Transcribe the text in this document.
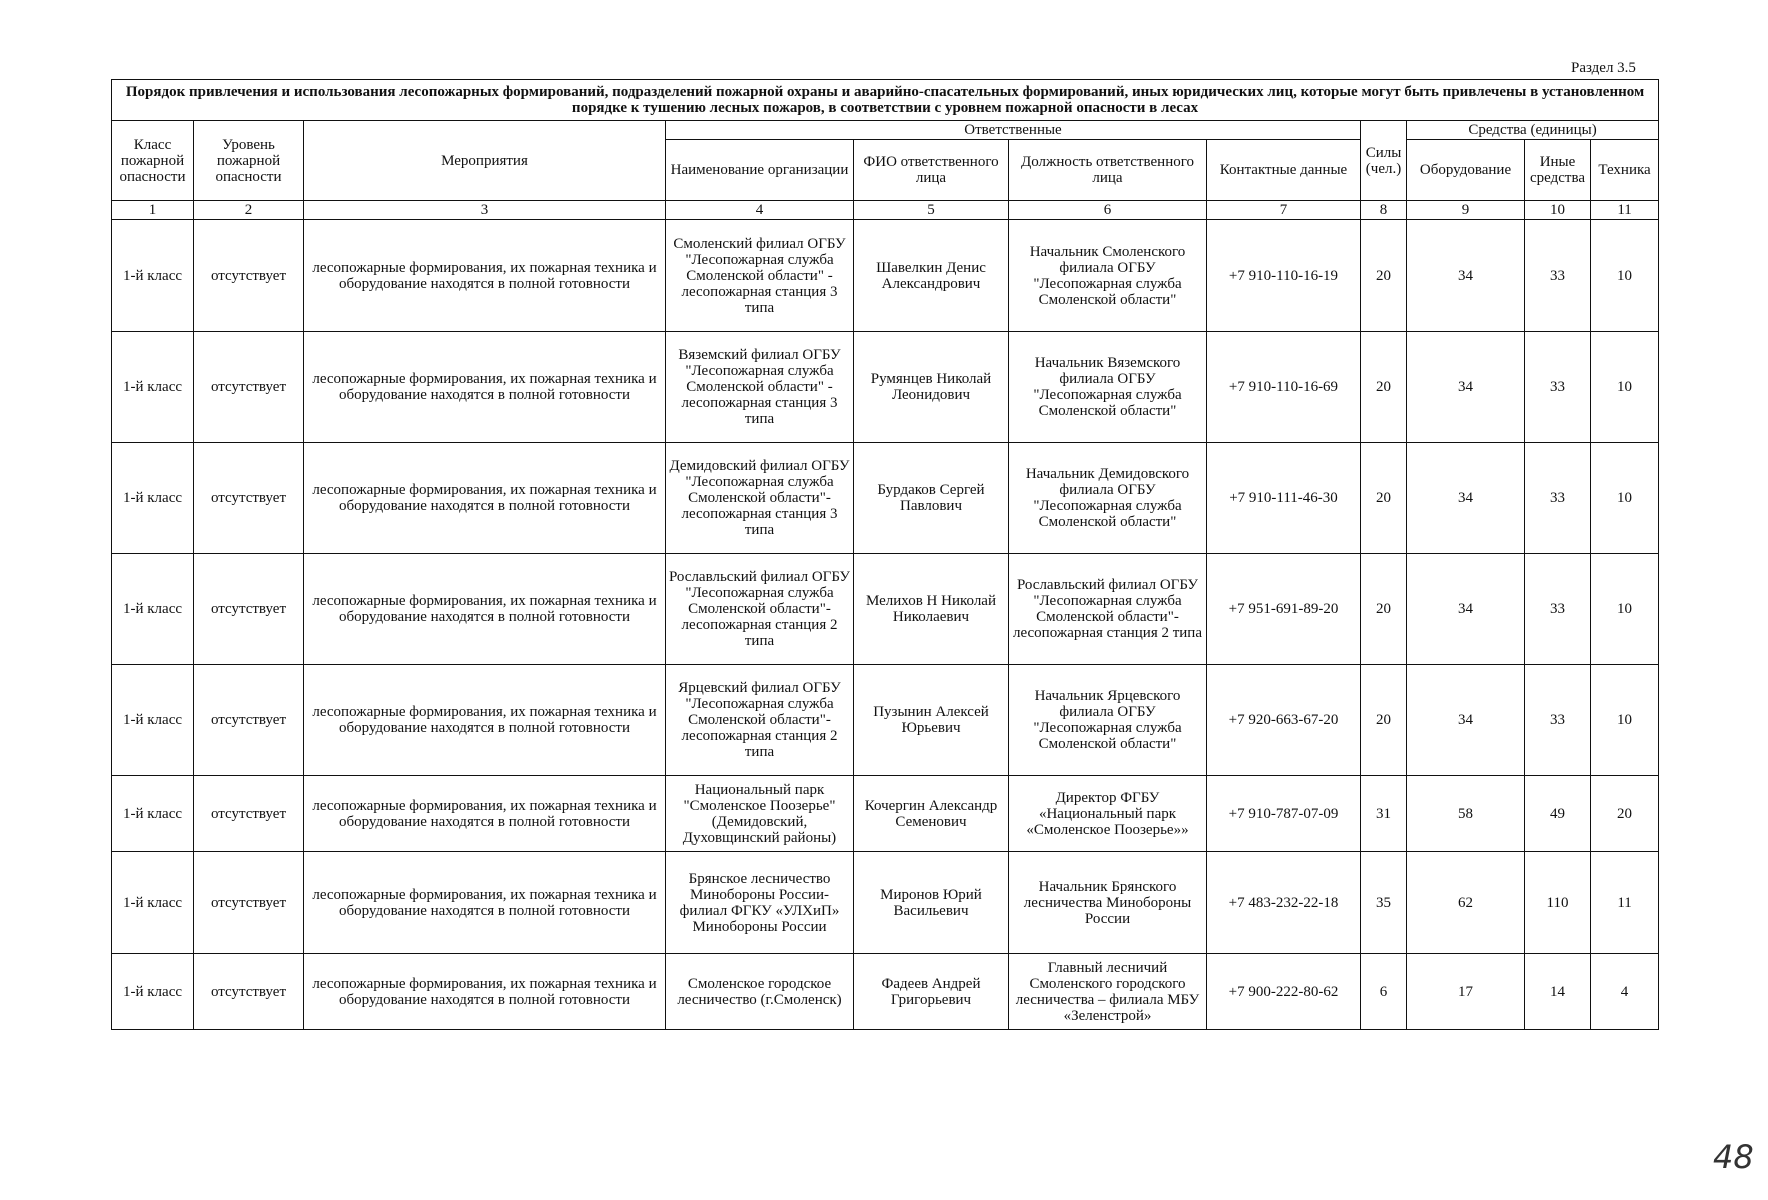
Раздел 3.5
Порядок привлечения и использования лесопожарных формирований, подразделений пожарной охраны и аварийно-спасательных формирований, иных юридических лиц, которые могут быть привлечены в установленном порядке к тушению лесных пожаров, в соответствии с уровнем пожарной опасности в лесах										
Класс пожарной опасности	Уровень пожарной опасности	Мероприятия	Ответственные				Силы (чел.)	Средства (единицы)		
			Наименование организации	ФИО ответственного лица	Должность ответственного лица	Контактные данные		Оборудование	Иные средства	Техника
1	2	3	4	5	6	7	8	9	10	11
1-й класс	отсутствует	лесопожарные формирования, их пожарная техника и оборудование находятся в полной готовности	Смоленский филиал ОГБУ "Лесопожарная служба Смоленской области" - лесопожарная станция 3 типа	Шавелкин Денис Александрович	Начальник Смоленского филиала ОГБУ "Лесопожарная служба Смоленской области"	+7 910-110-16-19	20	34	33	10
1-й класс	отсутствует	лесопожарные формирования, их пожарная техника и оборудование находятся в полной готовности	Вяземский филиал ОГБУ "Лесопожарная служба Смоленской области" - лесопожарная станция 3 типа	Румянцев Николай Леонидович	Начальник Вяземского филиала ОГБУ "Лесопожарная служба Смоленской области"	+7 910-110-16-69	20	34	33	10
1-й класс	отсутствует	лесопожарные формирования, их пожарная техника и оборудование находятся в полной готовности	Демидовский филиал ОГБУ "Лесопожарная служба Смоленской области"- лесопожарная станция 3 типа	Бурдаков Сергей Павлович	Начальник Демидовского филиала ОГБУ "Лесопожарная служба Смоленской области"	+7 910-111-46-30	20	34	33	10
1-й класс	отсутствует	лесопожарные формирования, их пожарная техника и оборудование находятся в полной готовности	Рославльский филиал ОГБУ "Лесопожарная служба Смоленской области"- лесопожарная станция 2 типа	Мелихов Н Николай Николаевич	Рославльский филиал ОГБУ "Лесопожарная служба Смоленской области"- лесопожарная станция 2 типа	+7 951-691-89-20	20	34	33	10
1-й класс	отсутствует	лесопожарные формирования, их пожарная техника и оборудование находятся в полной готовности	Ярцевский филиал ОГБУ "Лесопожарная служба Смоленской области"- лесопожарная станция 2 типа	Пузынин Алексей Юрьевич	Начальник Ярцевского филиала ОГБУ "Лесопожарная служба Смоленской области"	+7 920-663-67-20	20	34	33	10
1-й класс	отсутствует	лесопожарные формирования, их пожарная техника и оборудование находятся в полной готовности	Национальный парк "Смоленское Поозерье" (Демидовский, Духовщинский районы)	Кочергин Александр Семенович	Директор ФГБУ «Национальный парк «Смоленское Поозерье»»	+7 910-787-07-09	31	58	49	20
1-й класс	отсутствует	лесопожарные формирования, их пожарная техника и оборудование находятся в полной готовности	Брянское лесничество Минобороны России- филиал ФГКУ «УЛХиП» Минобороны России	Миронов Юрий Васильевич	Начальник Брянского лесничества Минобороны России	+7 483-232-22-18	35	62	110	11
1-й класс	отсутствует	лесопожарные формирования, их пожарная техника и оборудование находятся в полной готовности	Смоленское городское лесничество (г.Смоленск)	Фадеев Андрей Григорьевич	Главный лесничий Смоленского городского лесничества – филиала МБУ «Зеленстрой»	+7 900-222-80-62	6	17	14	4
48
